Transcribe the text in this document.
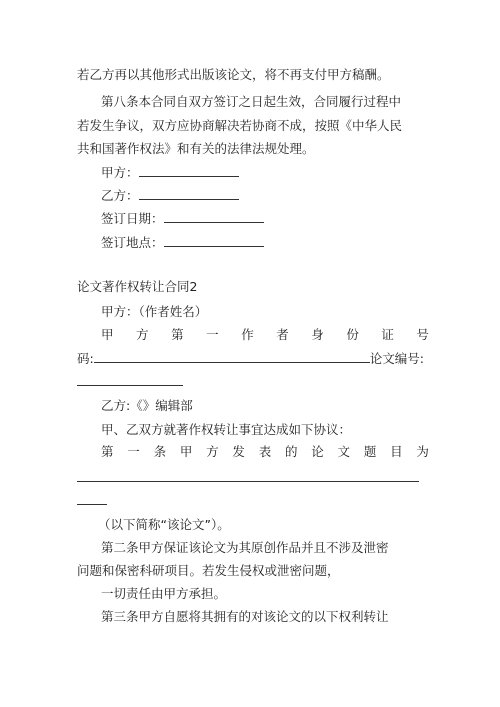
若乙方再以其他形式出版该论文，将不再支付甲方稿酬。
第八条本合同自双方签订之日起生效，合同履行过程中
若发生争议，双方应协商解决若协商不成，按照《中华人民
共和国著作权法》和有关的法律法规处理。
甲方：
乙方：
签订日期：
签订地点：
论文著作权转让合同2
甲方：（作者姓名）
甲 方 第 一 作 者 身 份 证 号
码:	论文编号:
乙方:《》编辑部
甲、乙双方就著作权转让事宜达成如下协议：
第 一 条 甲 方 发 表 的 论 文 题 目 为
（以下简称“该论文”）。
第二条甲方保证该论文为其原创作品并且不涉及泄密
问题和保密科研项目。若发生侵权或泄密问题，
一切责任由甲方承担。
第三条甲方自愿将其拥有的对该论文的以下权利转让
